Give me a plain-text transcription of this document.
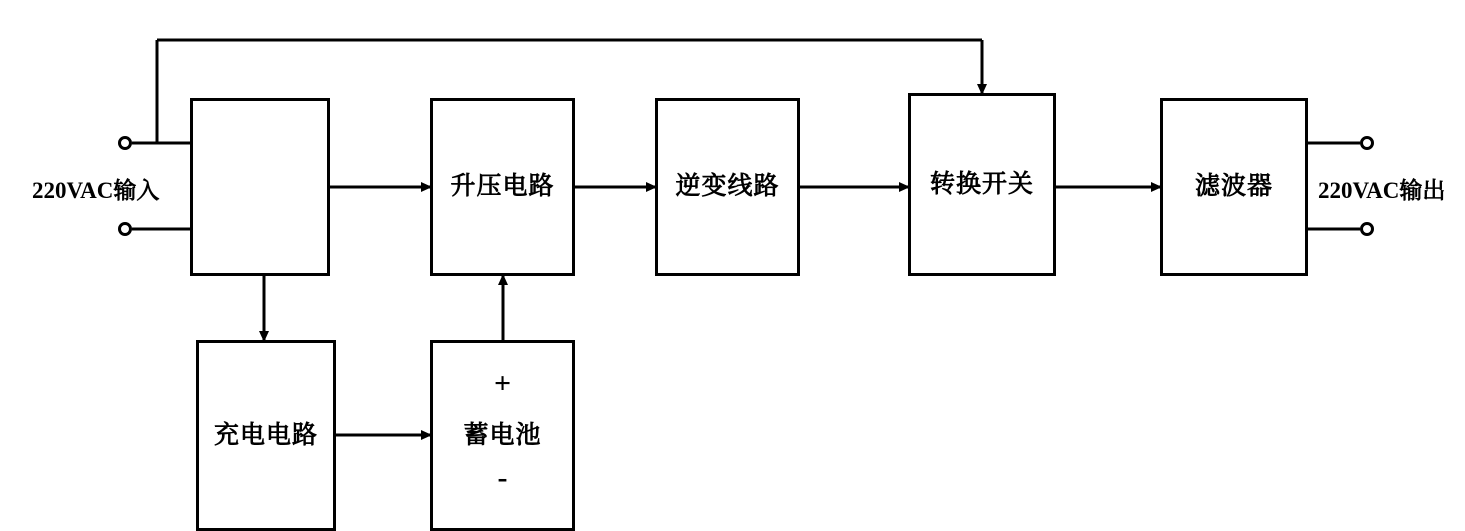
升压电路	逆变线路	转换开关	滤波器
充电电路
+
蓄电池
-
220VAC输入	220VAC输出
